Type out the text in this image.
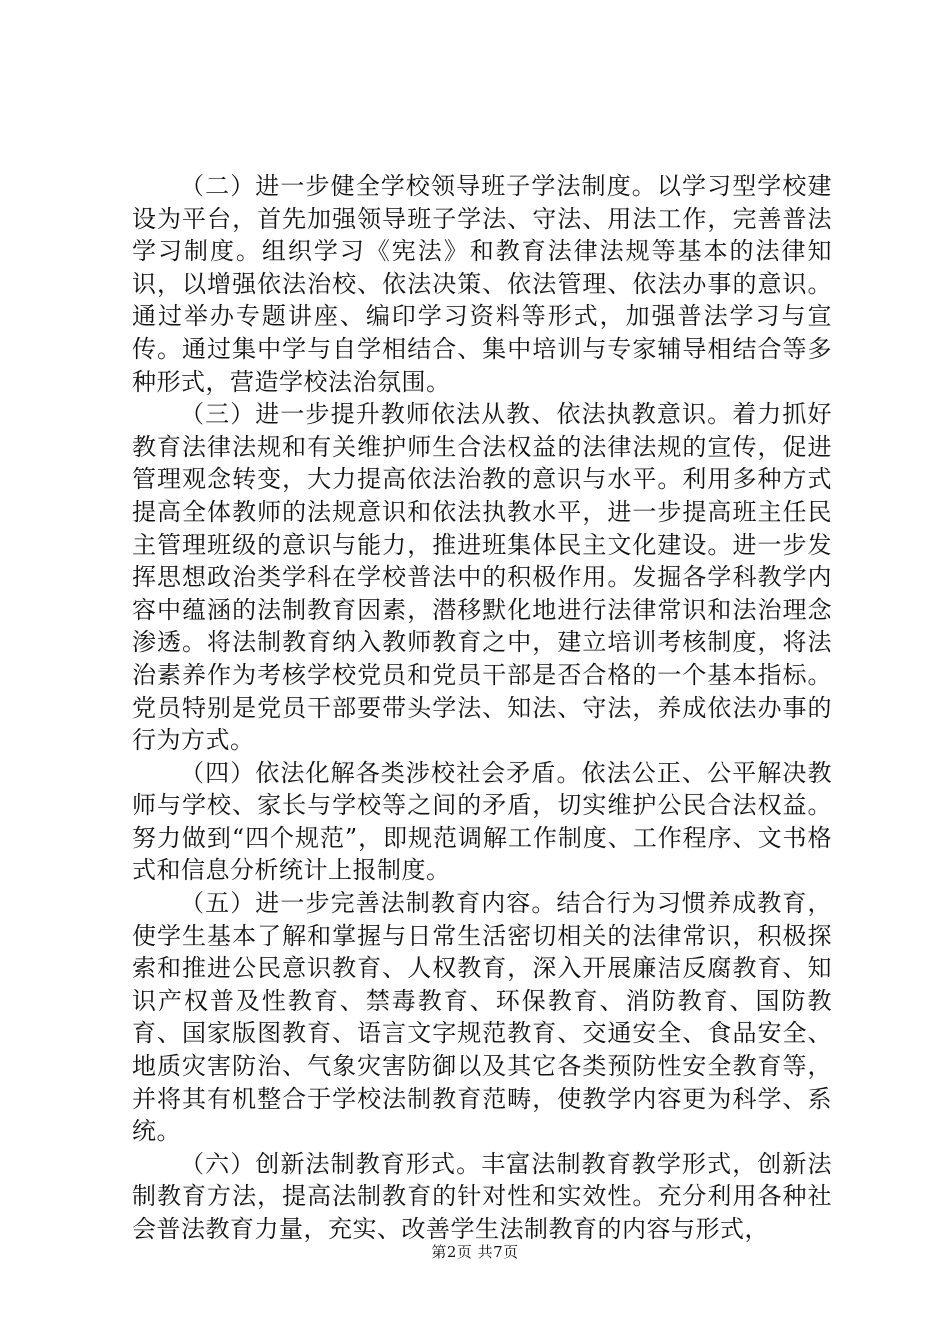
（二）进一步健全学校领导班子学法制度。以学习型学校建设为平台，首先加强领导班子学法、守法、用法工作，完善普法学习制度。组织学习《宪法》和教育法律法规等基本的法律知识，以增强依法治校、依法决策、依法管理、依法办事的意识。通过举办专题讲座、编印学习资料等形式，加强普法学习与宣传。通过集中学与自学相结合、集中培训与专家辅导相结合等多种形式，营造学校法治氛围。

（三）进一步提升教师依法从教、依法执教意识。着力抓好教育法律法规和有关维护师生合法权益的法律法规的宣传，促进管理观念转变，大力提高依法治教的意识与水平。利用多种方式提高全体教师的法规意识和依法执教水平，进一步提高班主任民主管理班级的意识与能力，推进班集体民主文化建设。进一步发挥思想政治类学科在学校普法中的积极作用。发掘各学科教学内容中蕴涵的法制教育因素，潜移默化地进行法律常识和法治理念渗透。将法制教育纳入教师教育之中，建立培训考核制度，将法治素养作为考核学校党员和党员干部是否合格的一个基本指标。党员特别是党员干部要带头学法、知法、守法，养成依法办事的行为方式。

（四）依法化解各类涉校社会矛盾。依法公正、公平解决教师与学校、家长与学校等之间的矛盾，切实维护公民合法权益。努力做到“四个规范”，即规范调解工作制度、工作程序、文书格式和信息分析统计上报制度。

（五）进一步完善法制教育内容。结合行为习惯养成教育，使学生基本了解和掌握与日常生活密切相关的法律常识，积极探索和推进公民意识教育、人权教育，深入开展廉洁反腐教育、知识产权普及性教育、禁毒教育、环保教育、消防教育、国防教育、国家版图教育、语言文字规范教育、交通安全、食品安全、地质灾害防治、气象灾害防御以及其它各类预防性安全教育等，并将其有机整合于学校法制教育范畴，使教学内容更为科学、系统。

（六）创新法制教育形式。丰富法制教育教学形式，创新法制教育方法，提高法制教育的针对性和实效性。充分利用各种社会普法教育力量，充实、改善学生法制教育的内容与形式，

第2页 共7页
